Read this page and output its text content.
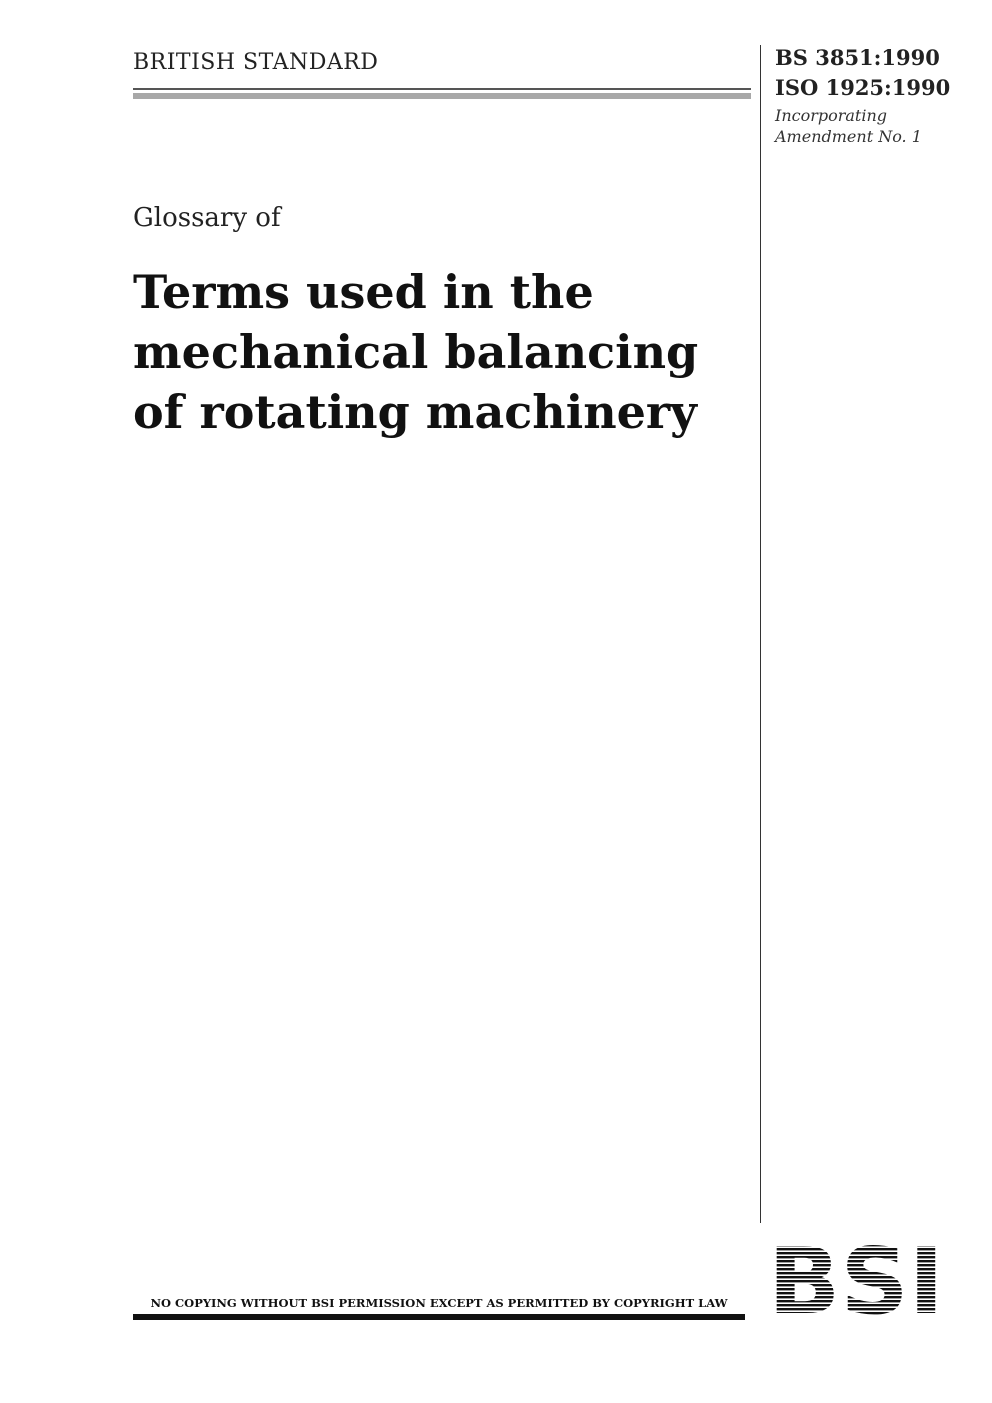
BRITISH STANDARD	BS 3851:1990
ISO 1925:1990
Incorporating
Amendment No. 1
Glossary of
Terms used in the
mechanical balancing
of rotating machinery
NO COPYING WITHOUT BSI PERMISSION EXCEPT AS PERMITTED BY COPYRIGHT LAW
